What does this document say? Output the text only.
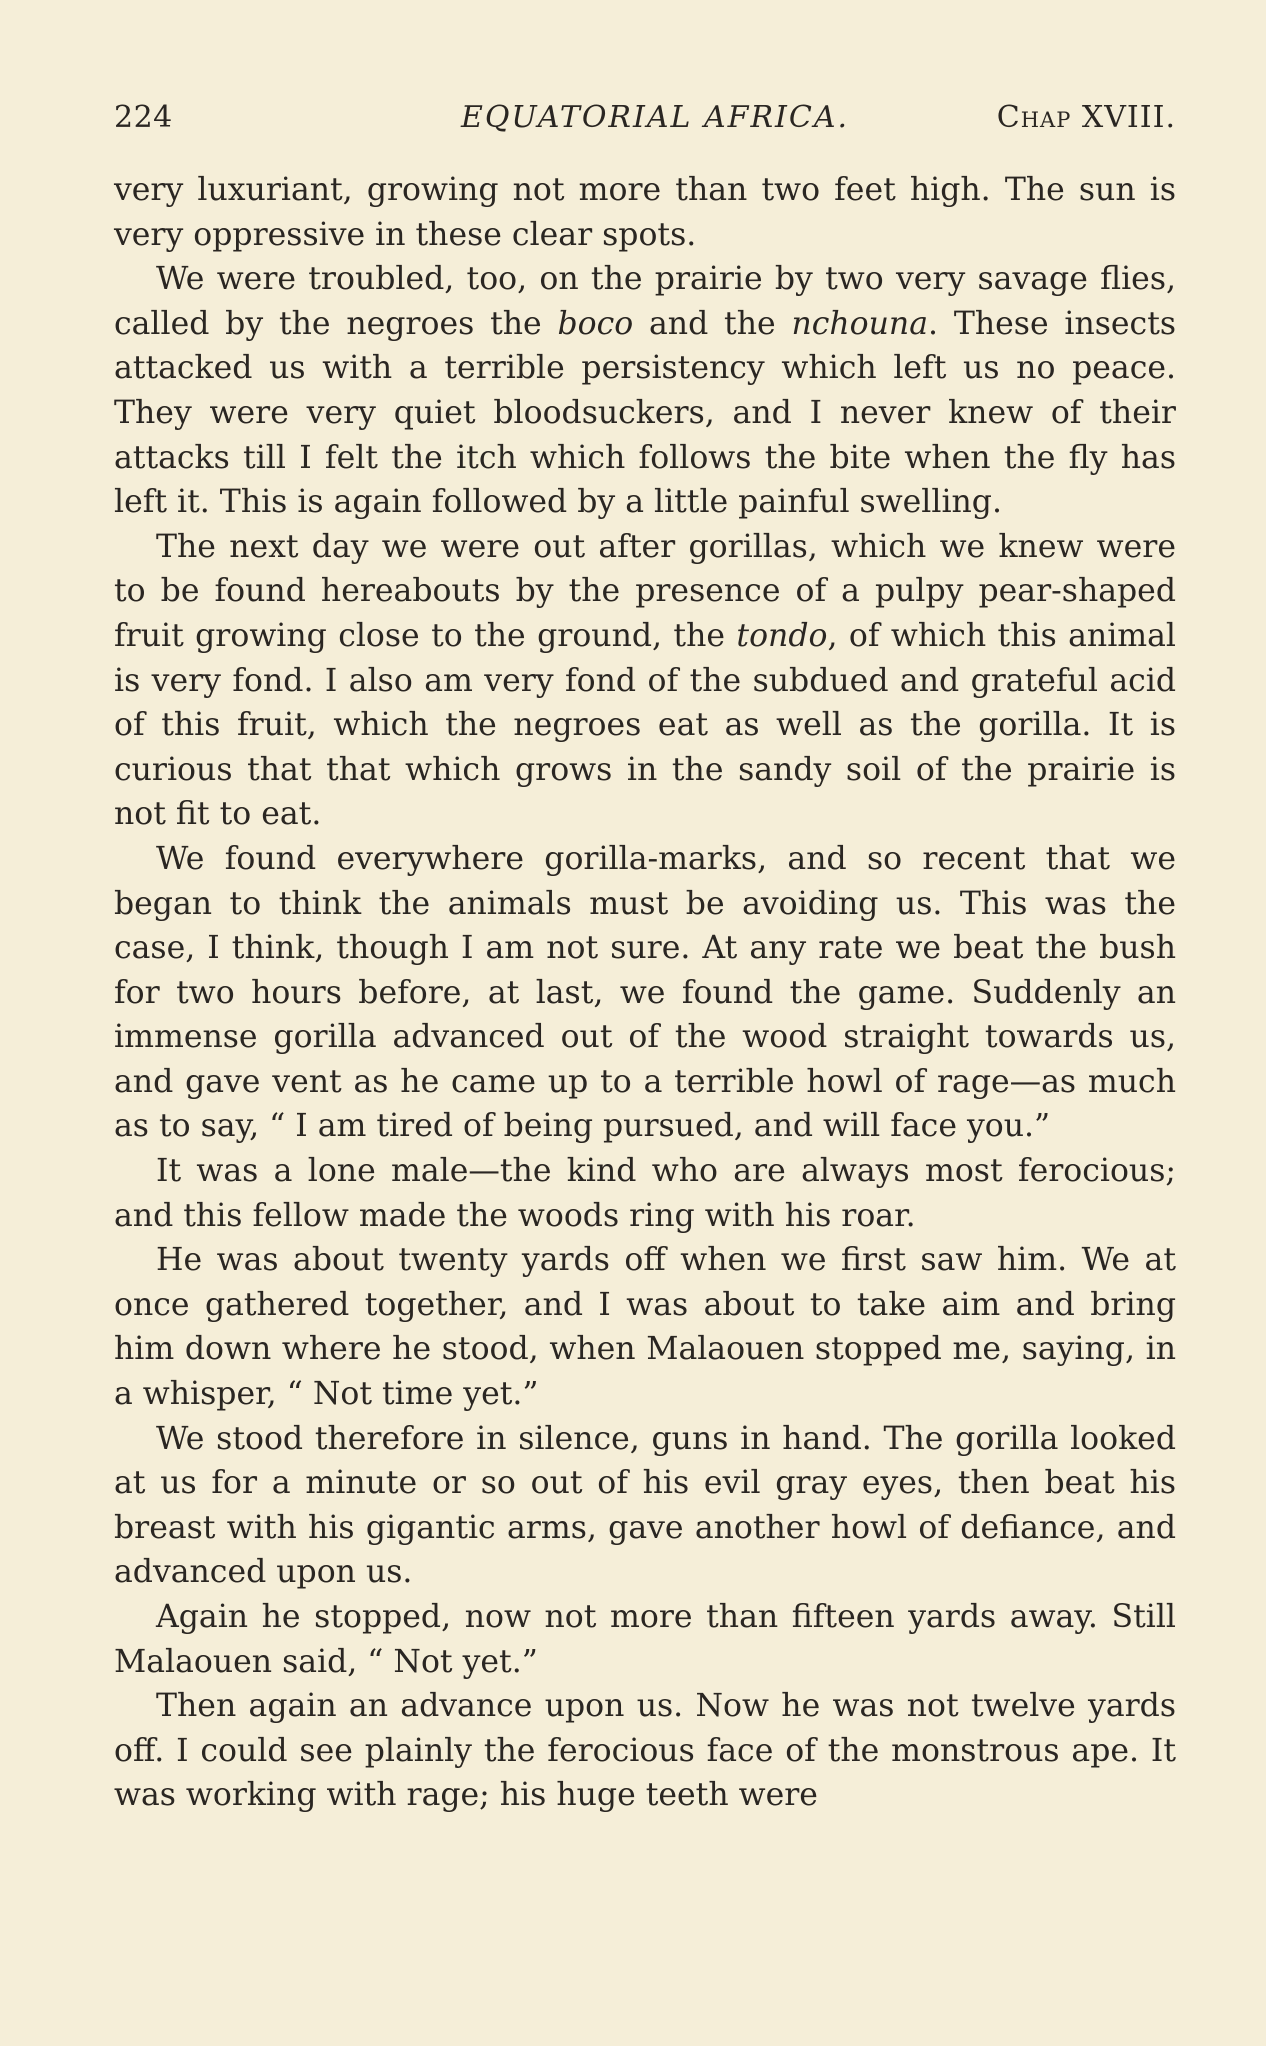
224	EQUATORIAL AFRICA.	Chap XVIII.

very luxuriant, growing not more than two feet high. The sun is very oppressive in these clear spots.

We were troubled, too, on the prairie by two very savage flies, called by the negroes the boco and the nchouna. These insects attacked us with a terrible persistency which left us no peace. They were very quiet bloodsuckers, and I never knew of their attacks till I felt the itch which follows the bite when the fly has left it. This is again followed by a little painful swelling.

The next day we were out after gorillas, which we knew were to be found hereabouts by the presence of a pulpy pear-shaped fruit growing close to the ground, the tondo, of which this animal is very fond. I also am very fond of the subdued and grateful acid of this fruit, which the negroes eat as well as the gorilla. It is curious that that which grows in the sandy soil of the prairie is not fit to eat.

We found everywhere gorilla-marks, and so recent that we began to think the animals must be avoiding us. This was the case, I think, though I am not sure. At any rate we beat the bush for two hours before, at last, we found the game. Suddenly an immense gorilla advanced out of the wood straight towards us, and gave vent as he came up to a terrible howl of rage—as much as to say, “ I am tired of being pursued, and will face you.”

It was a lone male—the kind who are always most ferocious; and this fellow made the woods ring with his roar.

He was about twenty yards off when we first saw him. We at once gathered together, and I was about to take aim and bring him down where he stood, when Malaouen stopped me, saying, in a whisper, “ Not time yet.”

We stood therefore in silence, guns in hand. The gorilla looked at us for a minute or so out of his evil gray eyes, then beat his breast with his gigantic arms, gave another howl of defiance, and advanced upon us.

Again he stopped, now not more than fifteen yards away. Still Malaouen said, “ Not yet.”

Then again an advance upon us. Now he was not twelve yards off. I could see plainly the ferocious face of the monstrous ape. It was working with rage; his huge teeth were
